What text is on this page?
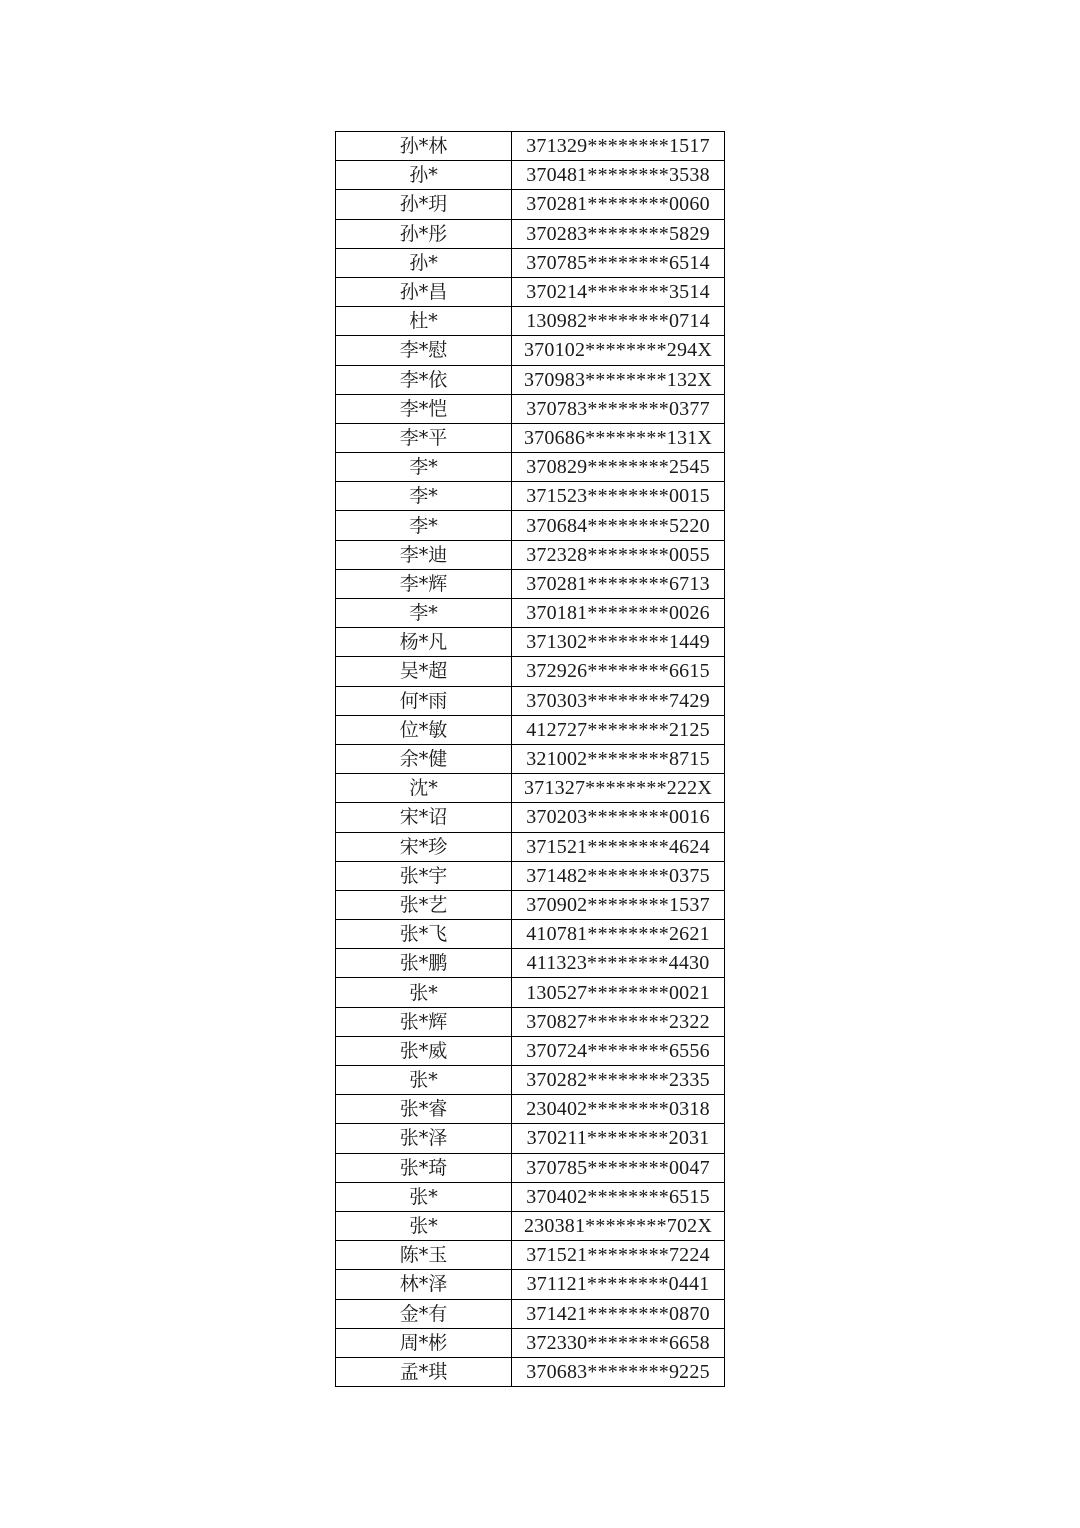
孙*林	371329********1517
孙*	370481********3538
孙*玥	370281********0060
孙*彤	370283********5829
孙*	370785********6514
孙*昌	370214********3514
杜*	130982********0714
李*慰	370102********294X
李*依	370983********132X
李*恺	370783********0377
李*平	370686********131X
李*	370829********2545
李*	371523********0015
李*	370684********5220
李*迪	372328********0055
李*辉	370281********6713
李*	370181********0026
杨*凡	371302********1449
吴*超	372926********6615
何*雨	370303********7429
位*敏	412727********2125
余*健	321002********8715
沈*	371327********222X
宋*诏	370203********0016
宋*珍	371521********4624
张*宇	371482********0375
张*艺	370902********1537
张*飞	410781********2621
张*鹏	411323********4430
张*	130527********0021
张*辉	370827********2322
张*威	370724********6556
张*	370282********2335
张*睿	230402********0318
张*泽	370211********2031
张*琦	370785********0047
张*	370402********6515
张*	230381********702X
陈*玉	371521********7224
林*泽	371121********0441
金*有	371421********0870
周*彬	372330********6658
孟*琪	370683********9225
